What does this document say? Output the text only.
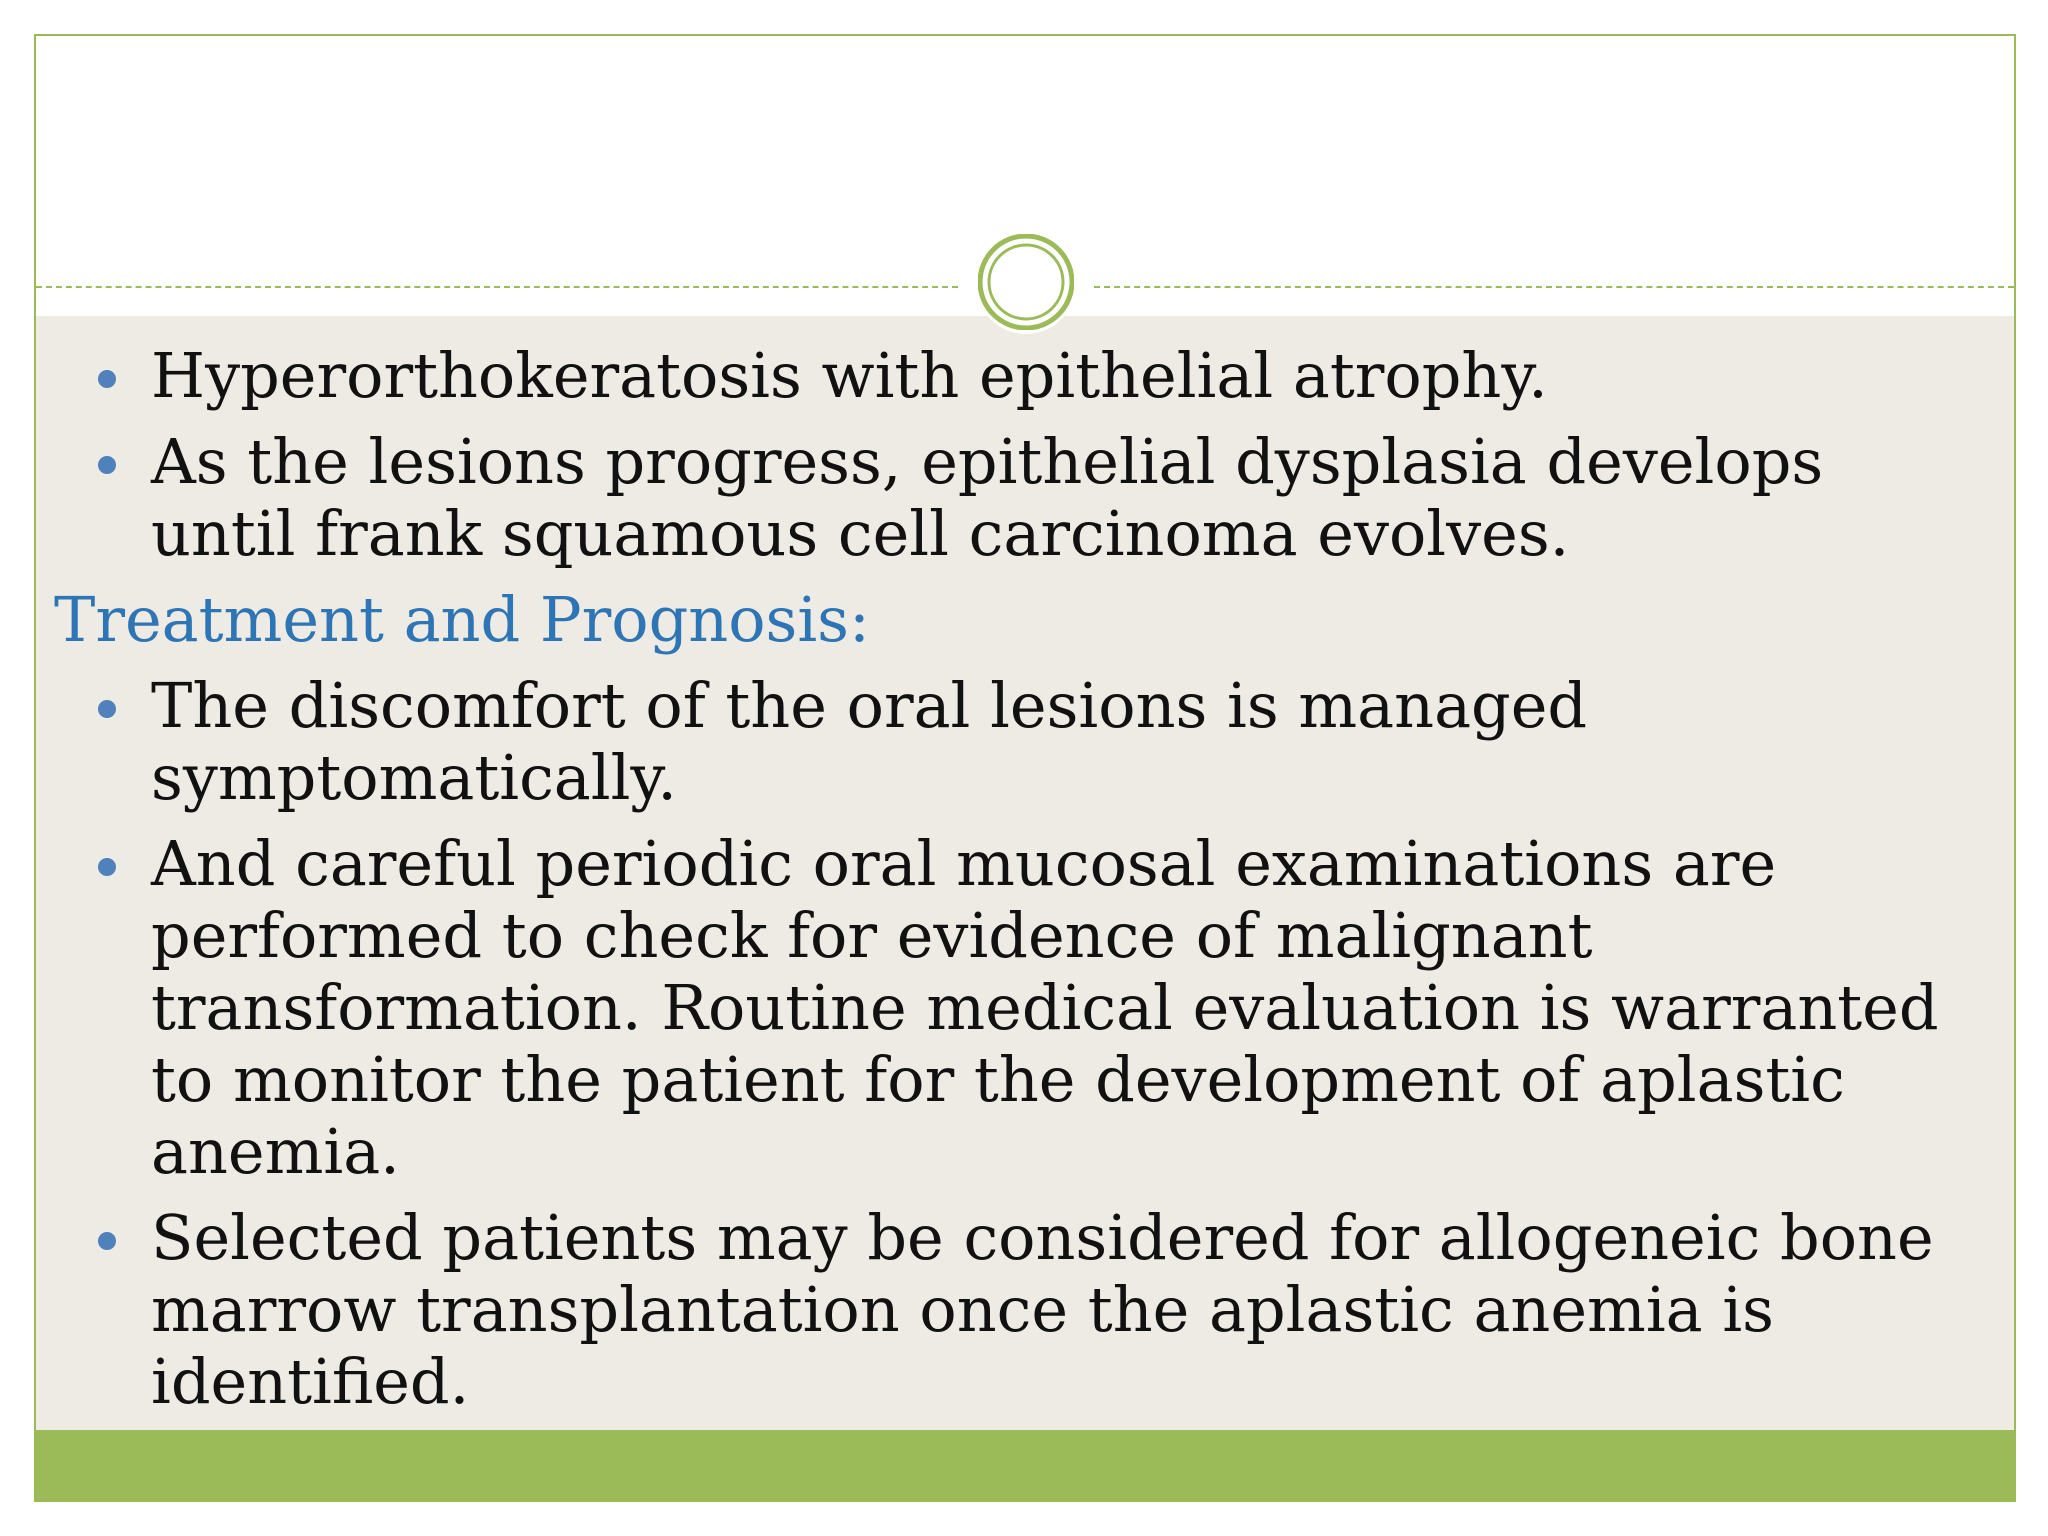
Hyperorthokeratosis with epithelial atrophy.
As the lesions progress, epithelial dysplasia develops until frank squamous cell carcinoma evolves.
Treatment and Prognosis:
The discomfort of the oral lesions is managed symptomatically.
And careful periodic oral mucosal examinations are performed to check for evidence of malignant transformation. Routine medical evaluation is warranted to monitor the patient for the development of aplastic anemia.
Selected patients may be considered for allogeneic bone marrow transplantation once the aplastic anemia is identified.
